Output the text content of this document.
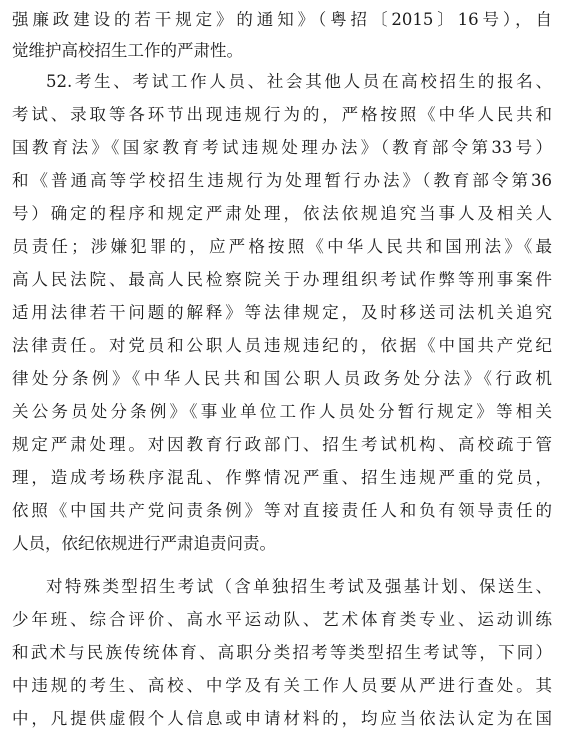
强廉政建设的若干规定》的通知》（粤招〔2015〕16号），自
觉维护高校招生工作的严肃性。
52.考生、考试工作人员、社会其他人员在高校招生的报名、
考试、录取等各环节出现违规行为的，严格按照《中华人民共和
国教育法》《国家教育考试违规处理办法》（教育部令第33号）
和《普通高等学校招生违规行为处理暂行办法》（教育部令第36
号）确定的程序和规定严肃处理，依法依规追究当事人及相关人
员责任；涉嫌犯罪的，应严格按照《中华人民共和国刑法》《最
高人民法院、最高人民检察院关于办理组织考试作弊等刑事案件
适用法律若干问题的解释》等法律规定，及时移送司法机关追究
法律责任。对党员和公职人员违规违纪的，依据《中国共产党纪
律处分条例》《中华人民共和国公职人员政务处分法》《行政机
关公务员处分条例》《事业单位工作人员处分暂行规定》等相关
规定严肃处理。对因教育行政部门、招生考试机构、高校疏于管
理，造成考场秩序混乱、作弊情况严重、招生违规严重的党员，
依照《中国共产党问责条例》等对直接责任人和负有领导责任的
人员，依纪依规进行严肃追责问责。
对特殊类型招生考试（含单独招生考试及强基计划、保送生、
少年班、综合评价、高水平运动队、艺术体育类专业、运动训练
和武术与民族传统体育、高职分类招考等类型招生考试等，下同）
中违规的考生、高校、中学及有关工作人员要从严进行查处。其
中，凡提供虚假个人信息或申请材料的，均应当依法认定为在国
